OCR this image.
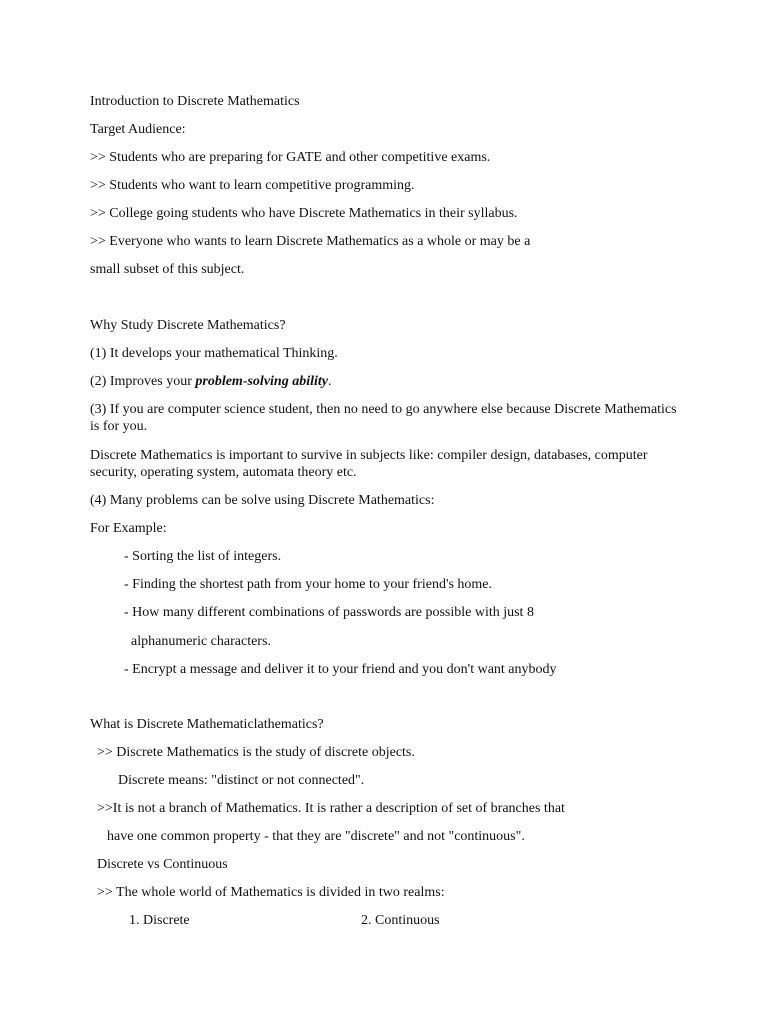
Introduction to Discrete Mathematics
Target Audience:
>> Students who are preparing for GATE and other competitive exams.
>> Students who want to learn competitive programming.
>> College going students who have Discrete Mathematics in their syllabus.
>> Everyone who wants to learn Discrete Mathematics as a whole or may be a
small subset of this subject.
Why Study Discrete Mathematics?
(1) It develops your mathematical Thinking.
(2) Improves your problem-solving ability.
(3) If you are computer science student, then no need to go anywhere else because Discrete Mathematics is for you.
Discrete Mathematics is important to survive in subjects like: compiler design, databases, computer security, operating system, automata theory etc.
(4) Many problems can be solve using Discrete Mathematics:
For Example:
- Sorting the list of integers.
- Finding the shortest path from your home to your friend's home.
- How many different combinations of passwords are possible with just 8
alphanumeric characters.
- Encrypt a message and deliver it to your friend and you don't want anybody
What is Discrete Mathematiclathematics?
>> Discrete Mathematics is the study of discrete objects.
Discrete means: "distinct or not connected".
>>It is not a branch of Mathematics. It is rather a description of set of branches that
have one common property - that they are "discrete" and not "continuous".
Discrete vs Continuous
>> The whole world of Mathematics is divided in two realms:
1. Discrete	2. Continuous
